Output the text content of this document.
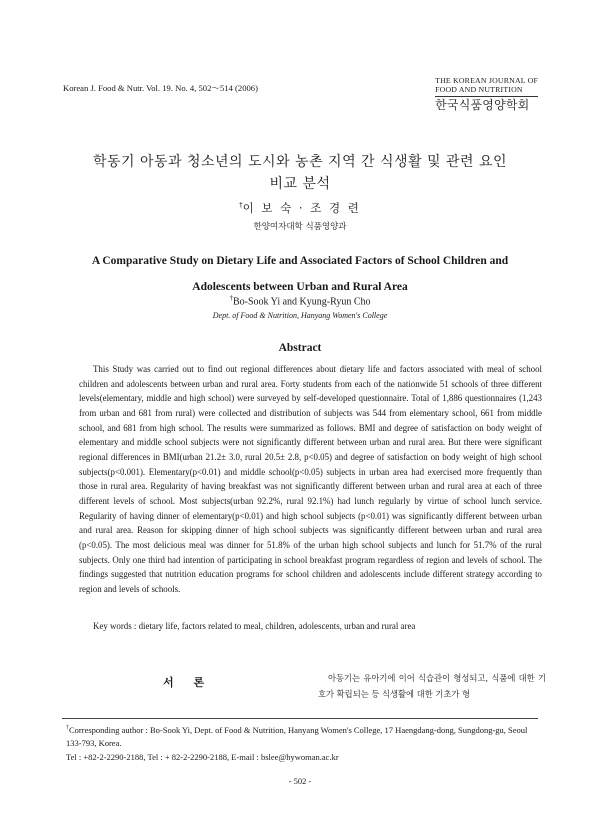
Korean J. Food & Nutr. Vol. 19. No. 4, 502～514 (2006)
THE KOREAN JOURNAL OF
FOOD AND NUTRITION
한국식품영양학회
학동기 아동과 청소년의 도시와 농촌 지역 간 식생활 및 관련 요인
비교 분석
†이 보 숙 · 조 경 련
한양여자대학 식품영양과
A Comparative Study on Dietary Life and Associated Factors of School Children and
Adolescents between Urban and Rural Area
†Bo-Sook Yi and Kyung-Ryun Cho
Dept. of Food & Nutrition, Hanyang Women's College
Abstract
This Study was carried out to find out regional differences about dietary life and factors associated with meal of school children and adolescents between urban and rural area. Forty students from each of the nationwide 51 schools of three different levels(elementary, middle and high school) were surveyed by self-developed questionnaire. Total of 1,886 questionnaires (1,243 from urban and 681 from rural) were collected and distribution of subjects was 544 from elementary school, 661 from middle school, and 681 from high school. The results were summarized as follows. BMI and degree of satisfaction on body weight of elementary and middle school subjects were not significantly different between urban and rural area. But there were significant regional differences in BMI(urban 21.2± 3.0, rural 20.5± 2.8, p<0.05) and degree of satisfaction on body weight of high school subjects(p<0.001). Elementary(p<0.01) and middle school(p<0.05) subjects in urban area had exercised more frequently than those in rural area. Regularity of having breakfast was not significantly different between urban and rural area at each of three different levels of school. Most subjects(urban 92.2%, rural 92.1%) had lunch regularly by virtue of school lunch service. Regularity of having dinner of elementary(p<0.01) and high school subjects (p<0.01) was significantly different between urban and rural area. Reason for skipping dinner of high school subjects was significantly different between urban and rural area (p<0.05). The most delicious meal was dinner for 51.8% of the urban high school subjects and lunch for 51.7% of the rural subjects. Only one third had intention of participating in school breakfast program regardless of region and levels of school. The findings suggested that nutrition education programs for school children and adolescents include different strategy according to region and levels of schools.
Key words : dietary life, factors related to meal, children, adolescents, urban and rural area
서 론	아동기는 유아기에 이어 식습관이 형성되고, 식품에 대한 기호가 확립되는 등 식생활에 대한 기초가 형
†Corresponding author : Bo-Sook Yi, Dept. of Food & Nutrition, Hanyang Women's College, 17 Haengdang-dong, Sungdong-gu, Seoul 133-793, Korea.
Tel : +82-2-2290-2188, Tel : + 82-2-2290-2188, E-mail : bslee@hywoman.ac.kr
- 502 -
